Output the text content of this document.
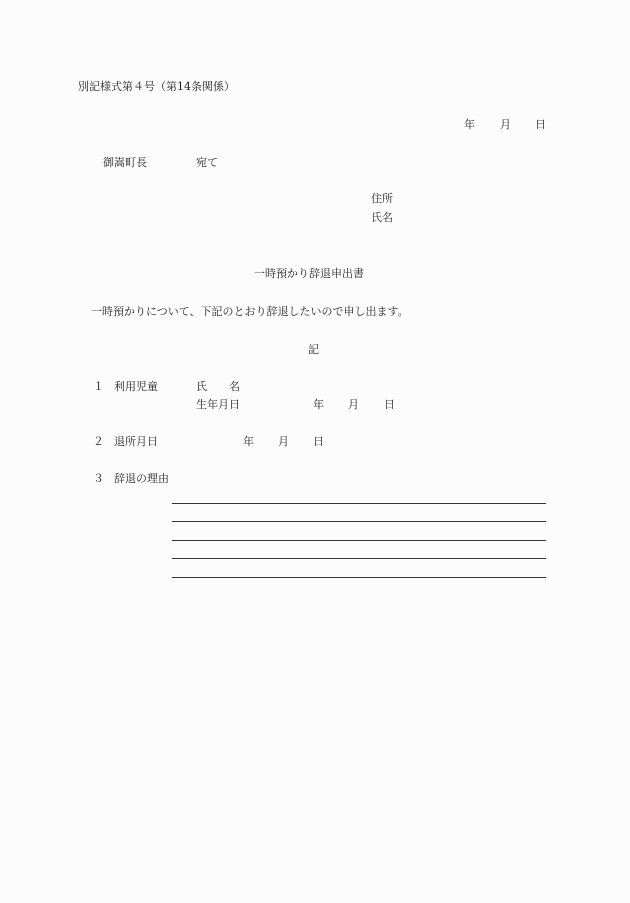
別記様式第４号（第14条関係）
年 月 日
御嵩町長	宛て
住所
氏名
一時預かり辞退申出書
一時預かりについて、下記のとおり辞退したいので申し出ます。
記
１ 利用児童	氏　　名
生年月日	年 月 日
２ 退所月日	年 月 日
３ 辞退の理由
